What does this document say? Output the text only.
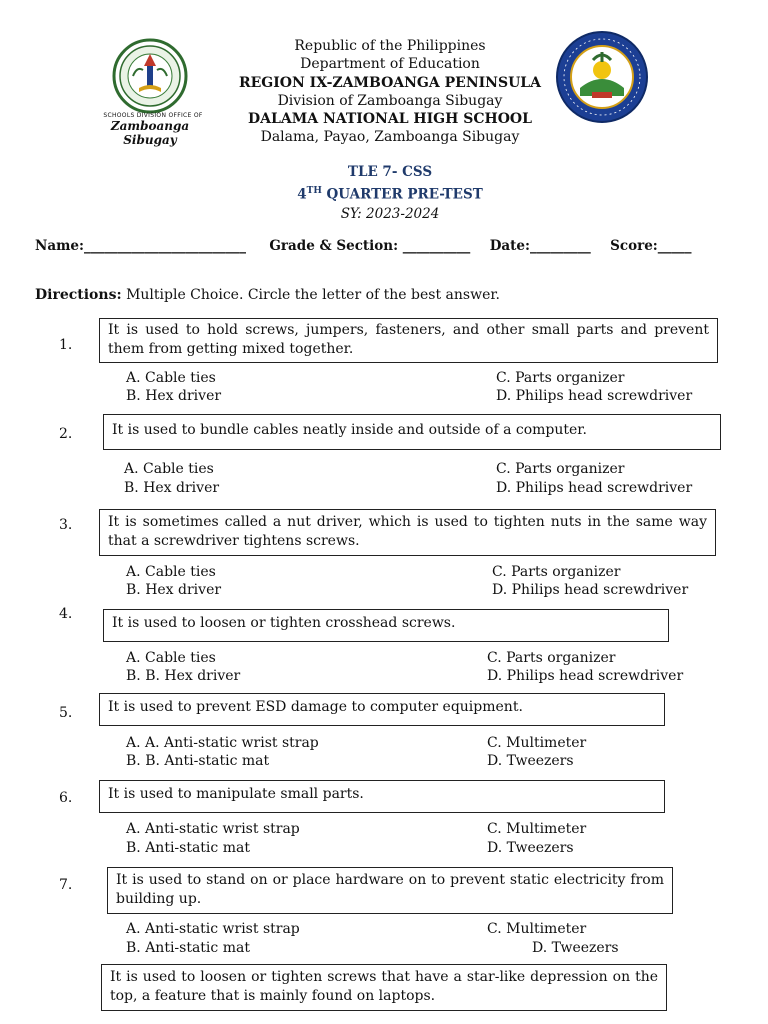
SCHOOLS DIVISION OFFICE OF
Zamboanga Sibugay
Republic of the Philippines
Department of Education
REGION IX-ZAMBOANGA PENINSULA
Division of Zamboanga Sibugay
DALAMA NATIONAL HIGH SCHOOL
Dalama, Payao, Zamboanga Sibugay
TLE 7- CSS
4TH QUARTER PRE-TEST
SY: 2023-2024
Name:________________________ Grade & Section: __________ Date:_________ Score:_____
Directions: Multiple Choice. Circle the letter of the best answer.
1.
It is used to hold screws, jumpers, fasteners, and other small parts and prevent them from getting mixed together.
A. Cable ties
B. Hex driver
C. Parts organizer
D. Philips head screwdriver
2.	It is used to bundle cables neatly inside and outside of a computer.
A. Cable ties
B. Hex driver
C. Parts organizer
D. Philips head screwdriver
3.	It is sometimes called a nut driver, which is used to tighten nuts in the same way that a screwdriver tightens screws.
A. Cable ties
B. Hex driver
C. Parts organizer
D. Philips head screwdriver
4.
It is used to loosen or tighten crosshead screws.
A. Cable ties
B. B. Hex driver
C. Parts organizer
D. Philips head screwdriver
5.	It is used to prevent ESD damage to computer equipment.
A. A. Anti-static wrist strap
B. B. Anti-static mat
C. Multimeter
D. Tweezers
6.	It is used to manipulate small parts.
A. Anti-static wrist strap
B. Anti-static mat
C. Multimeter
D. Tweezers
7.	It is used to stand on or place hardware on to prevent static electricity from building up.
A. Anti-static wrist strap
B. Anti-static mat
C. Multimeter
D. Tweezers
It is used to loosen or tighten screws that have a star-like depression on the top, a feature that is mainly found on laptops.
